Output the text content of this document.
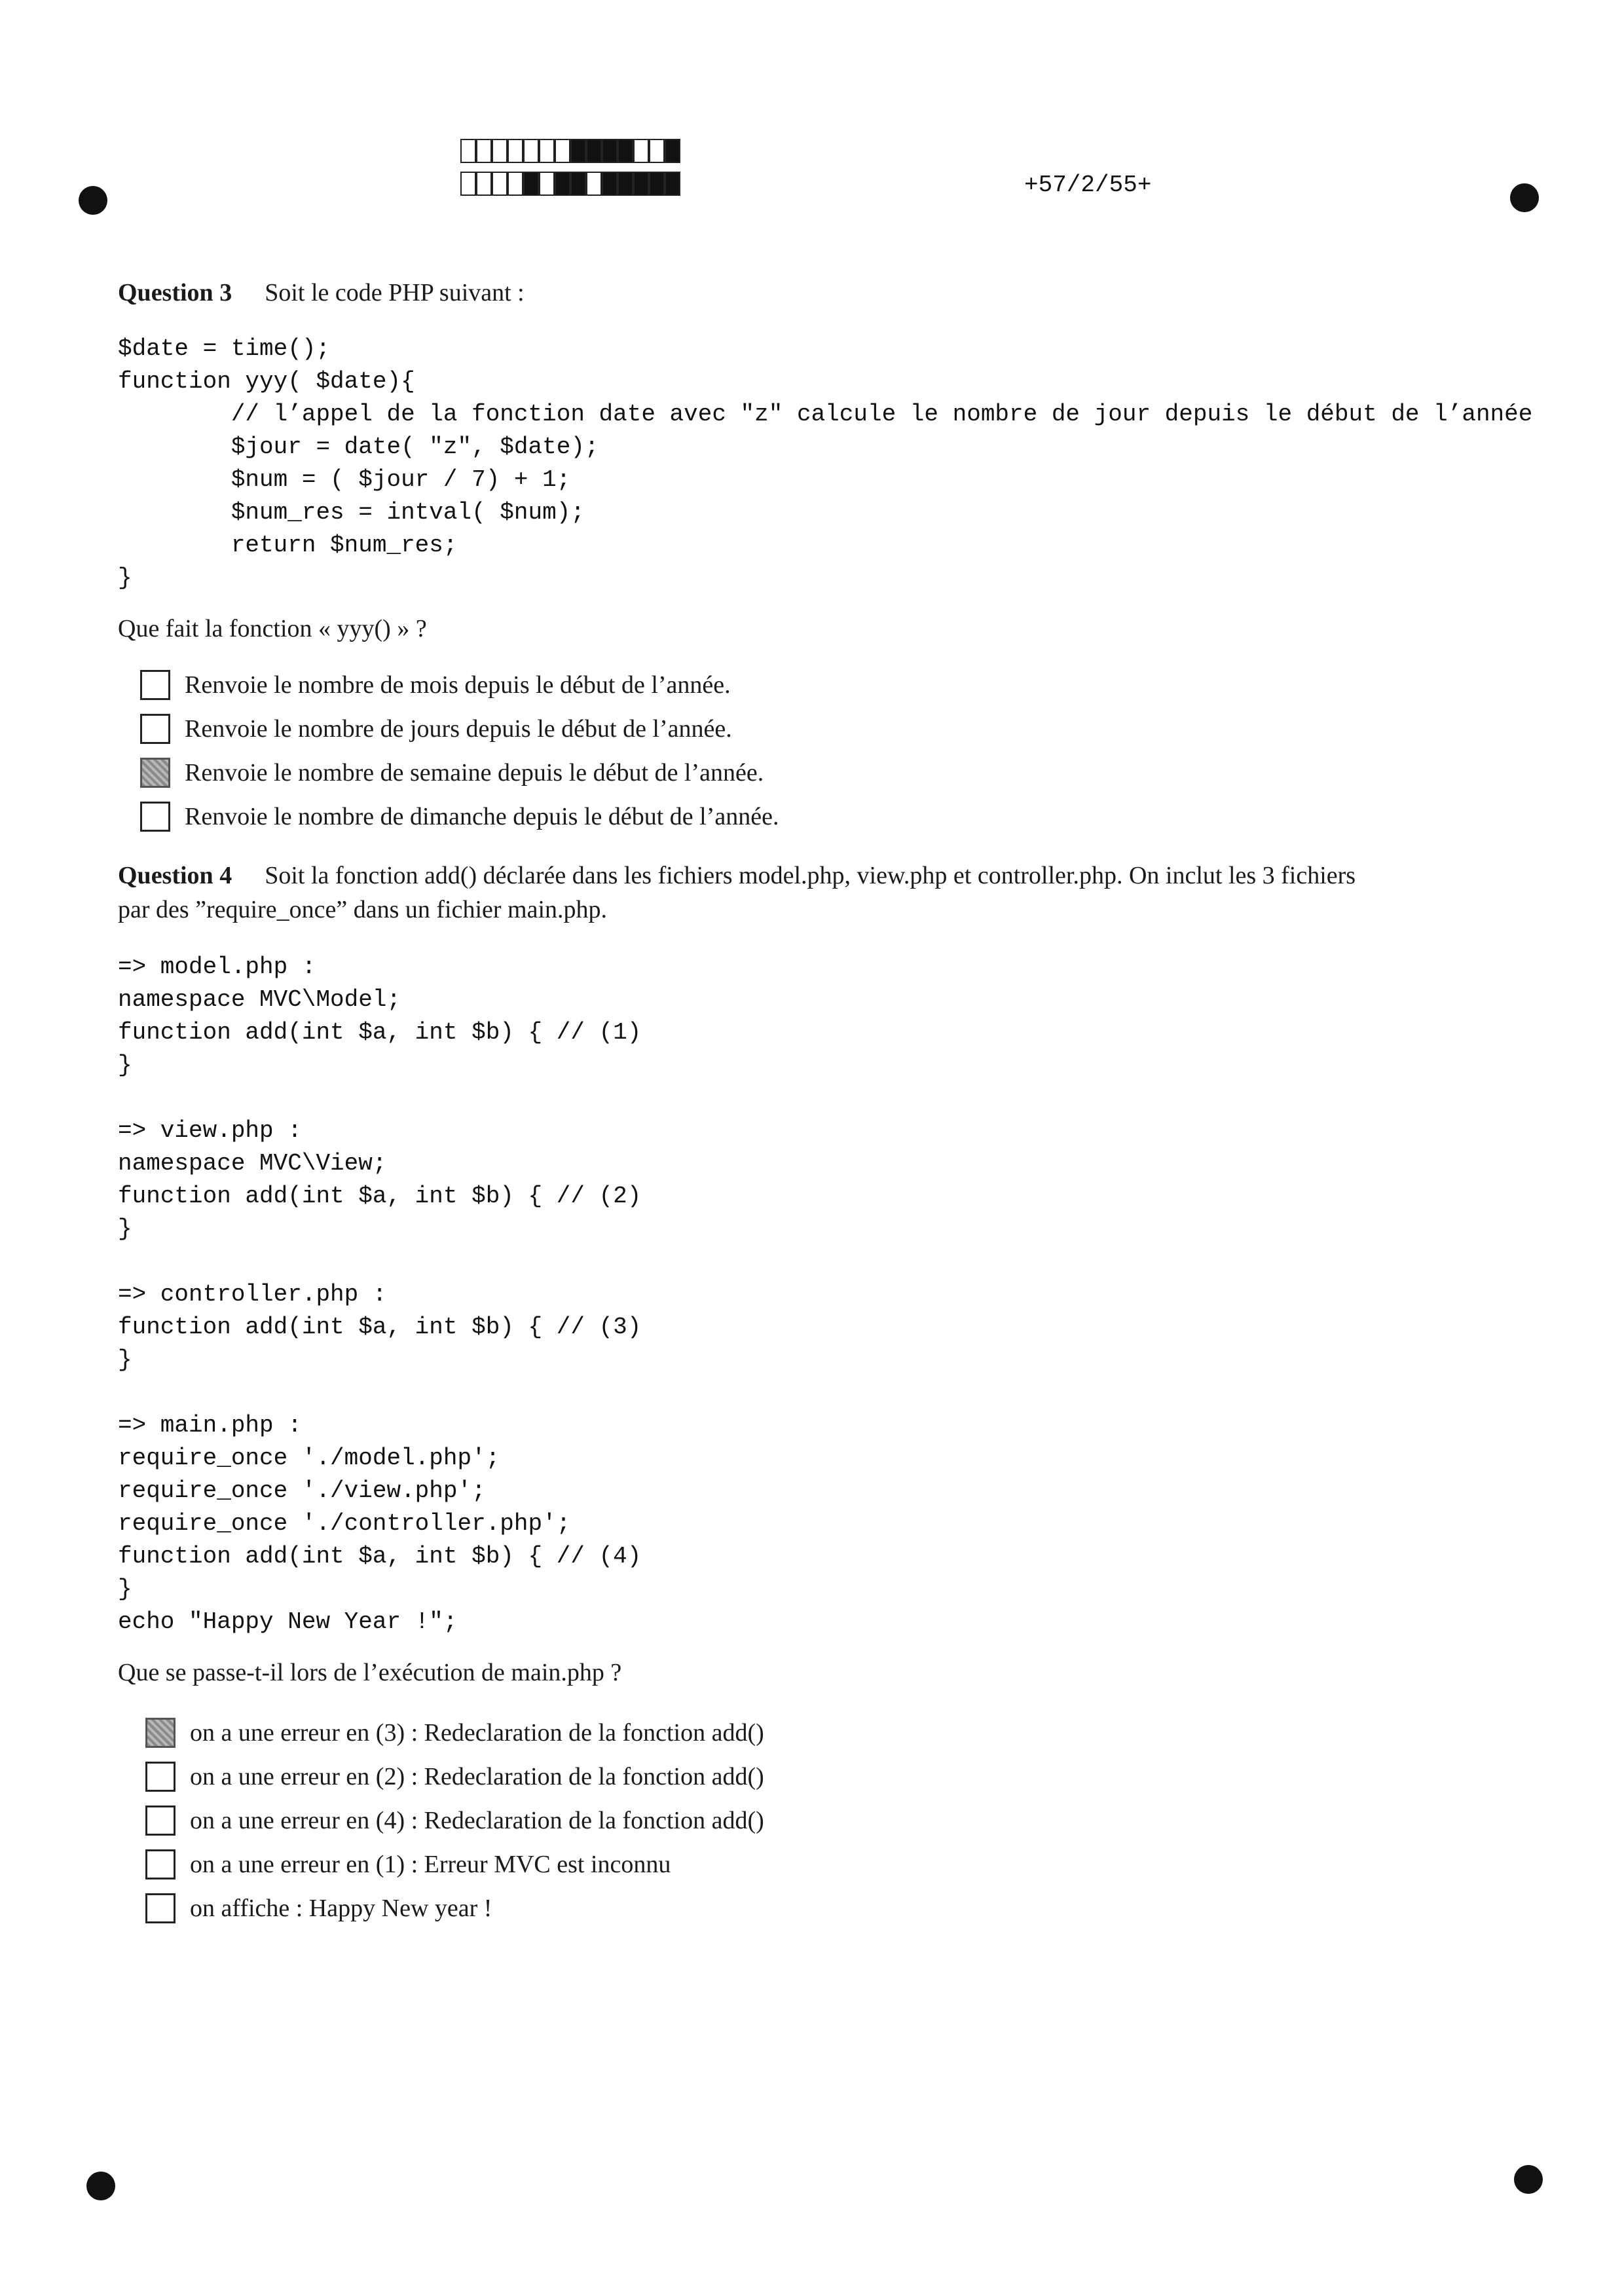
+57/2/55+
Question 3 Soit le code PHP suivant :
$date = time();
function yyy( $date){
// l’appel de la fonction date avec "z" calcule le nombre de jour depuis le début de l’année
$jour = date( "z", $date);
$num = ( $jour / 7) + 1;
$num_res = intval( $num);
return $num_res;
}
Que fait la fonction « yyy() » ?
Renvoie le nombre de mois depuis le début de l’année.
Renvoie le nombre de jours depuis le début de l’année.
Renvoie le nombre de semaine depuis le début de l’année.
Renvoie le nombre de dimanche depuis le début de l’année.
Question 4 Soit la fonction add() déclarée dans les fichiers model.php, view.php et controller.php. On inclut les 3 fichiers
par des ”require_once” dans un fichier main.php.
=> model.php :
namespace MVC\Model;
function add(int $a, int $b) { // (1)
}
=> view.php :
namespace MVC\View;
function add(int $a, int $b) { // (2)
}
=> controller.php :
function add(int $a, int $b) { // (3)
}
=> main.php :
require_once './model.php';
require_once './view.php';
require_once './controller.php';
function add(int $a, int $b) { // (4)
}
echo "Happy New Year !";
Que se passe-t-il lors de l’exécution de main.php ?
on a une erreur en (3) : Redeclaration de la fonction add()
on a une erreur en (2) : Redeclaration de la fonction add()
on a une erreur en (4) : Redeclaration de la fonction add()
on a une erreur en (1) : Erreur MVC est inconnu
on affiche : Happy New year !
